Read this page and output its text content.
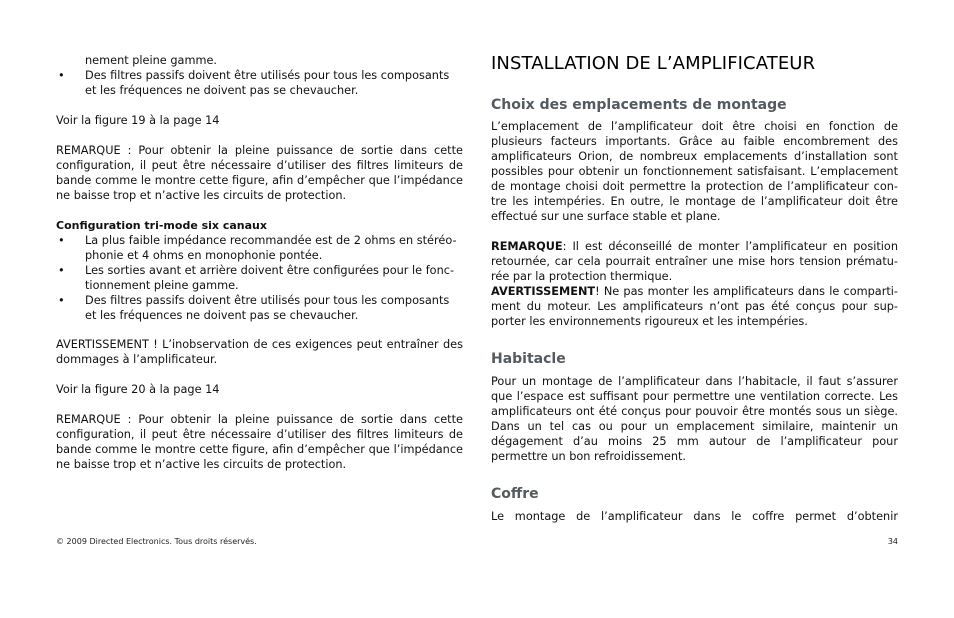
nement pleine gamme.

• Des filtres passifs doivent être utilisés pour tous les composants et les fréquences ne doivent pas se chevaucher.

Voir la figure 19 à la page 14

REMARQUE : Pour obtenir la pleine puissance de sortie dans cette configuration, il peut être nécessaire d’utiliser des filtres limiteurs de bande comme le montre cette figure, afin d’empêcher que l’impédance ne baisse trop et n’active les circuits de protection.

Configuration tri-mode six canaux

• La plus faible impédance recommandée est de 2 ohms en stéréo-phonie et 4 ohms en monophonie pontée.
• Les sorties avant et arrière doivent être configurées pour le fonc-tionnement pleine gamme.
• Des filtres passifs doivent être utilisés pour tous les composants et les fréquences ne doivent pas se chevaucher.

AVERTISSEMENT ! L’inobservation de ces exigences peut entraîner des dommages à l’amplificateur.

Voir la figure 20 à la page 14

REMARQUE : Pour obtenir la pleine puissance de sortie dans cette configuration, il peut être nécessaire d’utiliser des filtres limiteurs de bande comme le montre cette figure, afin d’empêcher que l’impédance ne baisse trop et n’active les circuits de protection.

INSTALLATION DE L’AMPLIFICATEUR
Choix des emplacements de montage

L’emplacement de l’amplificateur doit être choisi en fonction de plusieurs facteurs importants. Grâce au faible encombrement des amplificateurs Orion, de nombreux emplacements d’installation sont possibles pour obtenir un fonctionnement satisfaisant. L’emplacement de montage choisi doit permettre la protection de l’amplificateur con-tre les intempéries. En outre, le montage de l’amplificateur doit être effectué sur une surface stable et plane.

REMARQUE: Il est déconseillé de monter l’amplificateur en position retournée, car cela pourrait entraîner une mise hors tension prématu-rée par la protection thermique.

AVERTISSEMENT! Ne pas monter les amplificateurs dans le comparti-ment du moteur. Les amplificateurs n’ont pas été conçus pour sup-porter les environnements rigoureux et les intempéries.

Habitacle

Pour un montage de l’amplificateur dans l’habitacle, il faut s’assurer que l’espace est suffisant pour permettre une ventilation correcte. Les amplificateurs ont été conçus pour pouvoir être montés sous un siège. Dans un tel cas ou pour un emplacement similaire, maintenir un dégagement d’au moins 25 mm autour de l’amplificateur pour permettre un bon refroidissement.

Coffre

Le montage de l’amplificateur dans le coffre permet d’obtenir

© 2009 Directed Electronics. Tous droits réservés.	34
